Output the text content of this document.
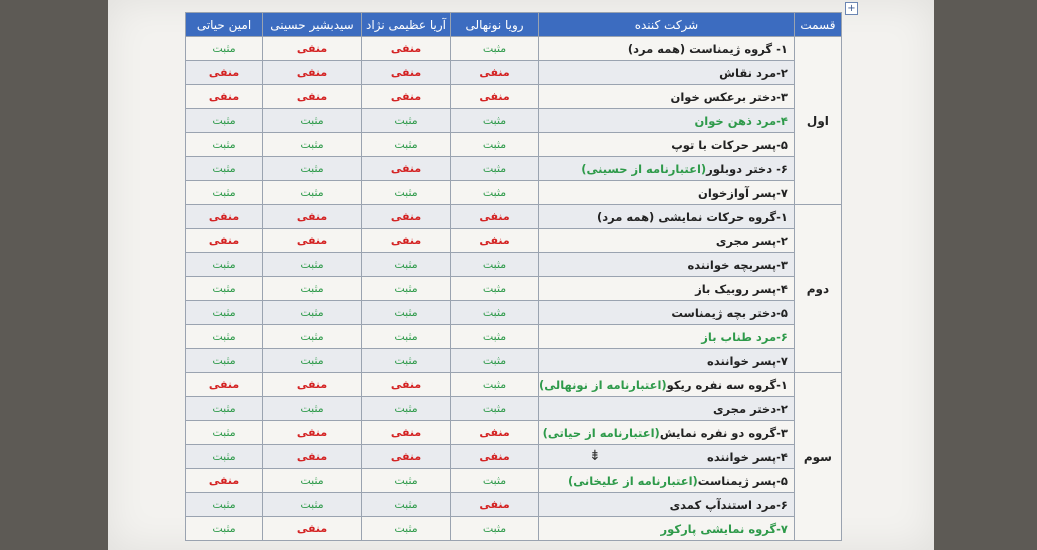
+
قسمت	شرکت کننده	رویا نونهالی	آریا عظیمی نژاد	سیدبشیر حسینی	امین حیاتی
اول	۱- گروه ژیمناست (همه مرد)	مثبت	منفی	منفی	مثبت
	۲-مرد نقاش	منفی	منفی	منفی	منفی
	۳-دختر برعکس خوان	منفی	منفی	منفی	منفی
	۴-مرد ذهن خوان	مثبت	مثبت	مثبت	مثبت
	۵-پسر حرکات با توپ	مثبت	مثبت	مثبت	مثبت
	۶- دختر دوبلور(اعتبارنامه از حسینی)	مثبت	منفی	مثبت	مثبت
	۷-پسر آوازخوان	مثبت	مثبت	مثبت	مثبت
دوم	۱-گروه حرکات نمایشی (همه مرد)	منفی	منفی	منفی	منفی
	۲-پسر مجری	منفی	منفی	منفی	منفی
	۳-پسربچه خواننده	مثبت	مثبت	مثبت	مثبت
	۴-پسر روبیک باز	مثبت	مثبت	مثبت	مثبت
	۵-دختر بچه ژیمناست	مثبت	مثبت	مثبت	مثبت
	۶-مرد طناب باز	مثبت	مثبت	مثبت	مثبت
	۷-پسر خواننده	مثبت	مثبت	مثبت	مثبت
سوم	۱-گروه سه نفره ریکو(اعتبارنامه از نونهالی)	مثبت	منفی	منفی	منفی
	۲-دختر مجری	مثبت	مثبت	مثبت	مثبت
	۳-گروه دو نفره نمایش(اعتبارنامه از حیاتی)	منفی	منفی	منفی	مثبت
	۴-پسر خواننده	منفی	منفی	منفی	مثبت
	۵-پسر ژیمناست(اعتبارنامه از علیخانی)	مثبت	مثبت	مثبت	منفی
	۶-مرد استندآپ کمدی	منفی	مثبت	مثبت	مثبت
	۷-گروه نمایشی پارکور	مثبت	مثبت	منفی	مثبت
⇟
